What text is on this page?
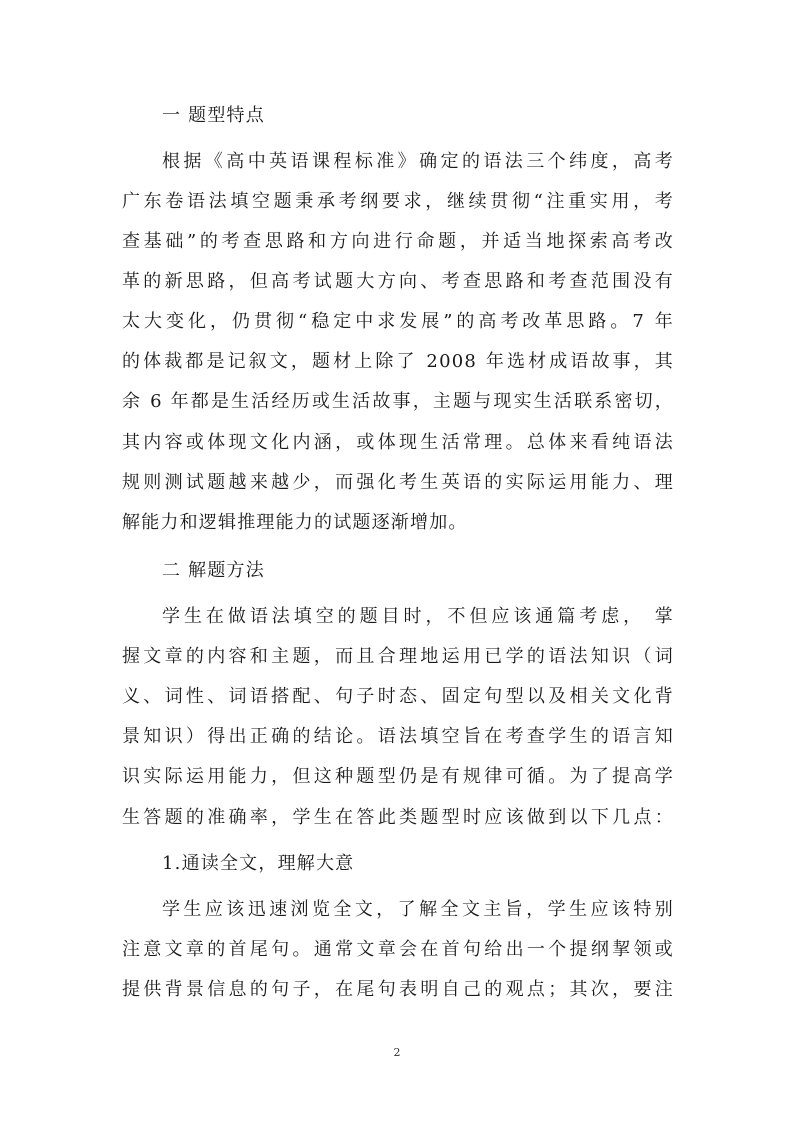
一 题型特点
根据《高中英语课程标准》确定的语法三个纬度，高考
广东卷语法填空题秉承考纲要求，继续贯彻“注重实用，考
查基础”的考查思路和方向进行命题，并适当地探索高考改
革的新思路，但高考试题大方向、考查思路和考查范围没有
太大变化，仍贯彻“稳定中求发展”的高考改革思路。7 年
的体裁都是记叙文，题材上除了 2008 年选材成语故事，其
余 6 年都是生活经历或生活故事，主题与现实生活联系密切，
其内容或体现文化内涵，或体现生活常理。总体来看纯语法
规则测试题越来越少，而强化考生英语的实际运用能力、理
解能力和逻辑推理能力的试题逐渐增加。
二 解题方法
学生在做语法填空的题目时，不但应该通篇考虑， 掌
握文章的内容和主题，而且合理地运用已学的语法知识（词
义、词性、词语搭配、句子时态、固定句型以及相关文化背
景知识）得出正确的结论。语法填空旨在考查学生的语言知
识实际运用能力，但这种题型仍是有规律可循。为了提高学
生答题的准确率，学生在答此类题型时应该做到以下几点：
1.通读全文，理解大意
学生应该迅速浏览全文，了解全文主旨，学生应该特别
注意文章的首尾句。通常文章会在首句给出一个提纲挈领或
提供背景信息的句子，在尾句表明自己的观点；其次，要注
2
